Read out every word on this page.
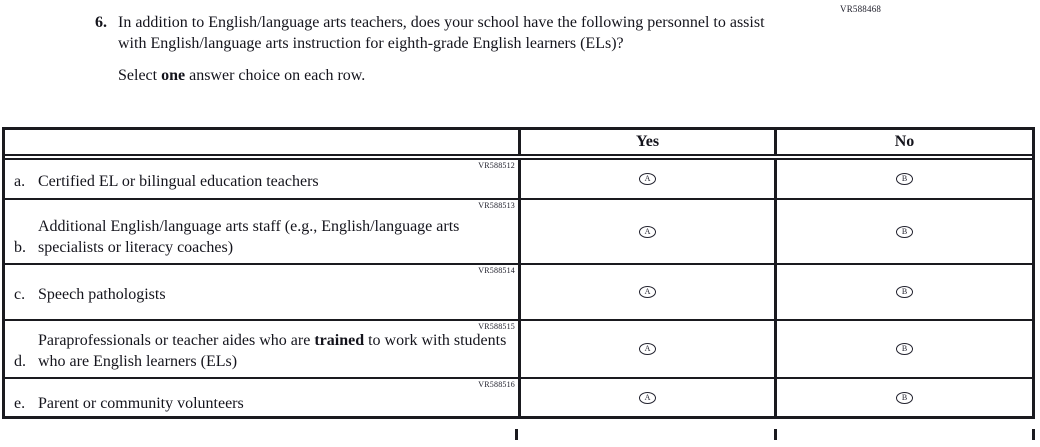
VR588468
6. In addition to English/language arts teachers, does your school have the following personnel to assist with English/language arts instruction for eighth-grade English learners (ELs)?

Select one answer choice on each row.

Yes	No
VR588512
a. Certified EL or bilingual education teachers	A	B
VR588513
b.
Additional English/language arts staff (e.g., English/language arts specialists or literacy coaches)
A	B
VR588514
c. Speech pathologists	A	B
VR588515
d.
Paraprofessionals or teacher aides who are trained to work with students who are English learners (ELs)
A	B
VR588516
e. Parent or community volunteers	A	B
